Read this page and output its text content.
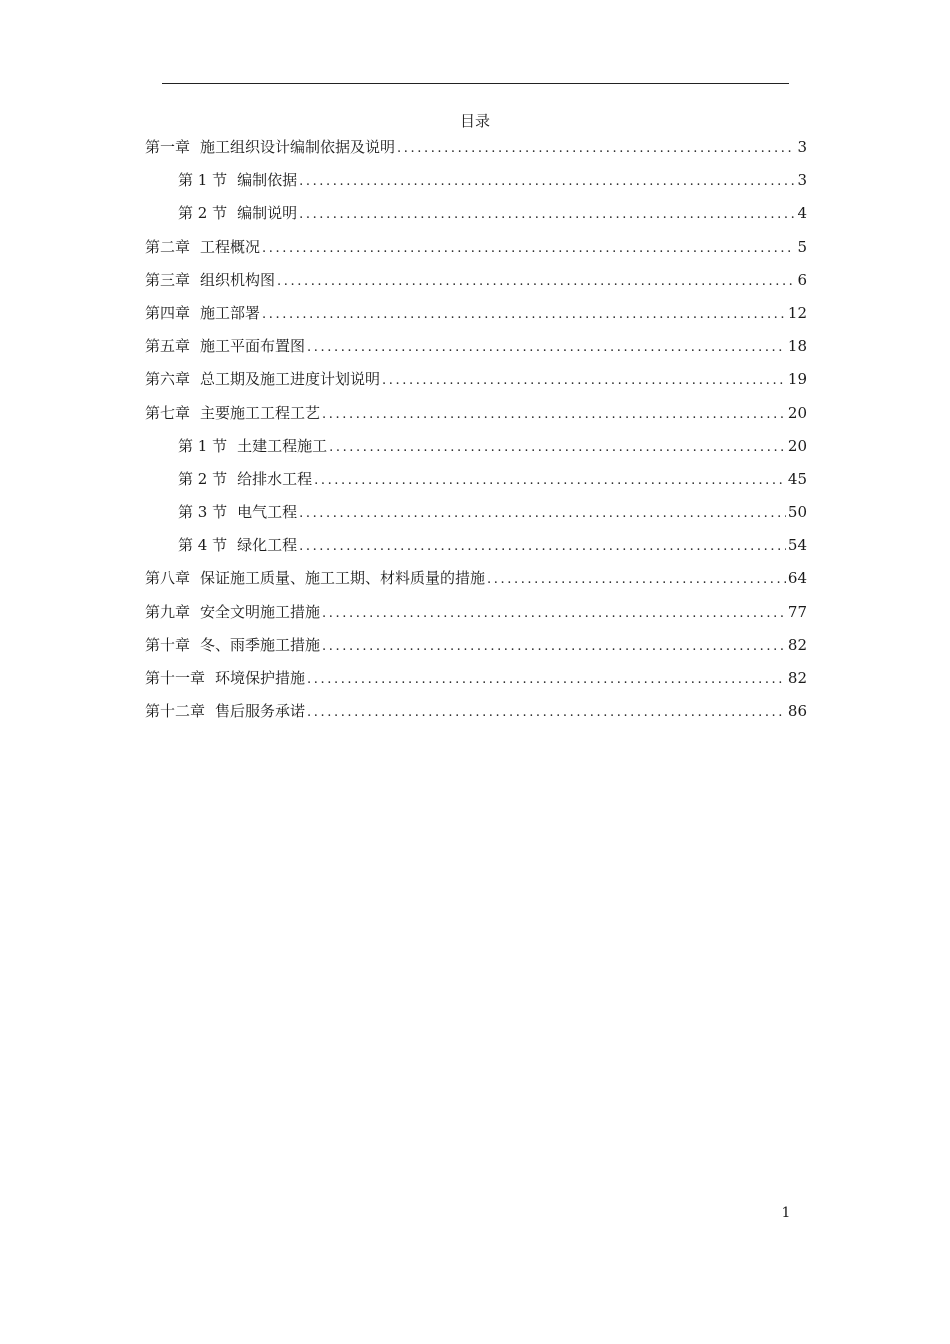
目录
第一章 施工组织设计编制依据及说明 .....	3
第 1 节 编制依据 .....	3
第 2 节 编制说明 .....	4
第二章 工程概况 .....	5
第三章 组织机构图 .....	6
第四章 施工部署 .....	12
第五章 施工平面布置图 .....	18
第六章 总工期及施工进度计划说明 .....	19
第七章 主要施工工程工艺 .....	20
第 1 节 土建工程施工 .....	20
第 2 节 给排水工程 .....	45
第 3 节 电气工程 .....	50
第 4 节 绿化工程 .....	54
第八章 保证施工质量、施工工期、材料质量的措施 .....	64
第九章 安全文明施工措施 .....	77
第十章 冬、雨季施工措施 .....	82
第十一章 环境保护措施 .....	82
第十二章 售后服务承诺 .....	86
1
